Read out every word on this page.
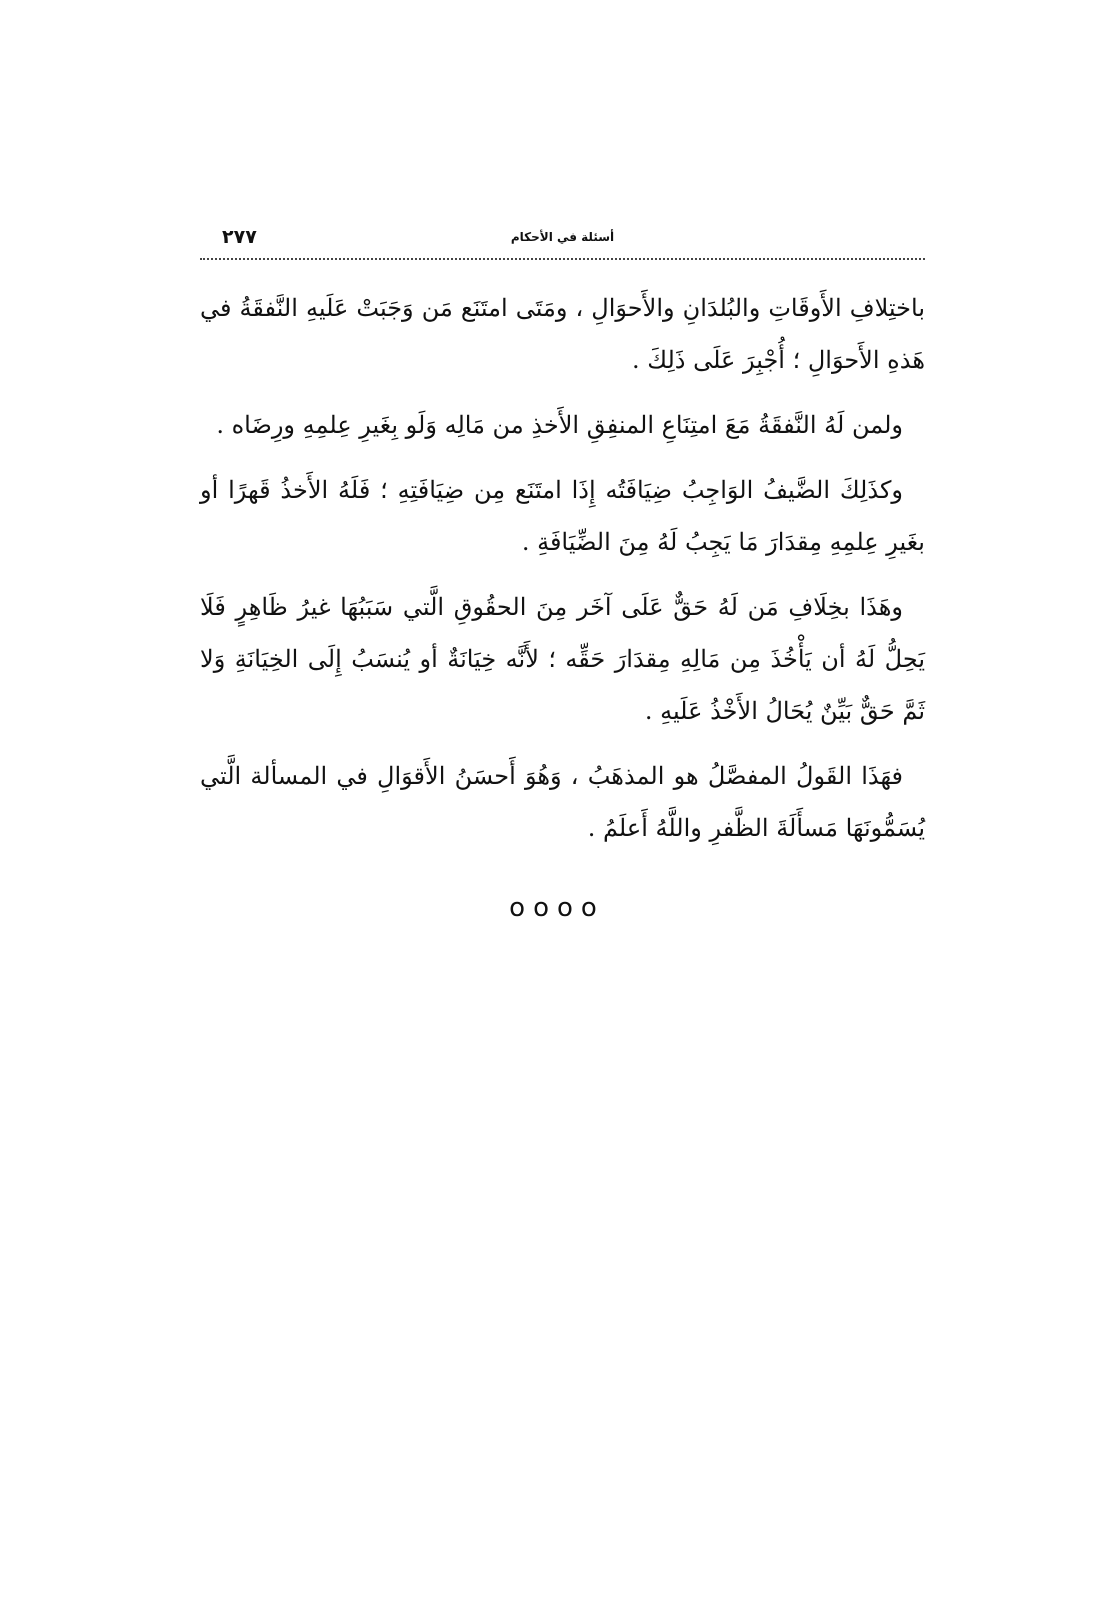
٢٧٧	أسئلة في الأحكام

باختِلافِ الأَوقَاتِ والبُلدَانِ والأَحوَالِ ، ومَتَى امتَنَع مَن وَجَبَتْ عَلَيهِ النَّفقَةُ في هَذهِ الأَحوَالِ ؛ أُجْبِرَ عَلَى ذَلِكَ .

ولمن لَهُ النَّفقَةُ مَعَ امتِنَاعِ المنفِقِ الأَخذِ من مَالِه وَلَو بِغَيرِ عِلمِهِ ورِضَاه .

وكذَلِكَ الضَّيفُ الوَاجِبُ ضِيَافَتُه إِذَا امتَنَع مِن ضِيَافَتِهِ ؛ فَلَهُ الأَخذُ قَهرًا أو بغَيرِ عِلمِهِ مِقدَارَ مَا يَجِبُ لَهُ مِنَ الضِّيَافَةِ .

وهَذَا بخِلَافِ مَن لَهُ حَقٌّ عَلَى آخَر مِنَ الحقُوقِ الَّتي سَبَبُهَا غيرُ ظَاهِرٍ فَلَا يَحِلُّ لَهُ أن يَأْخُذَ مِن مَالِهِ مِقدَارَ حَقِّه ؛ لأَنَّه خِيَانَةٌ أو يُنسَبُ إِلَى الخِيَانَةِ وَلا ثَمَّ حَقٌّ بَيِّنٌ يُحَالُ الأَخْذُ عَلَيهِ .

فهَذَا القَولُ المفصَّلُ هو المذهَبُ ، وَهُوَ أَحسَنُ الأَقوَالِ في المسألة الَّتي يُسَمُّونَهَا مَسأَلَةَ الظَّفرِ واللَّهُ أَعلَمُ .

oooo
